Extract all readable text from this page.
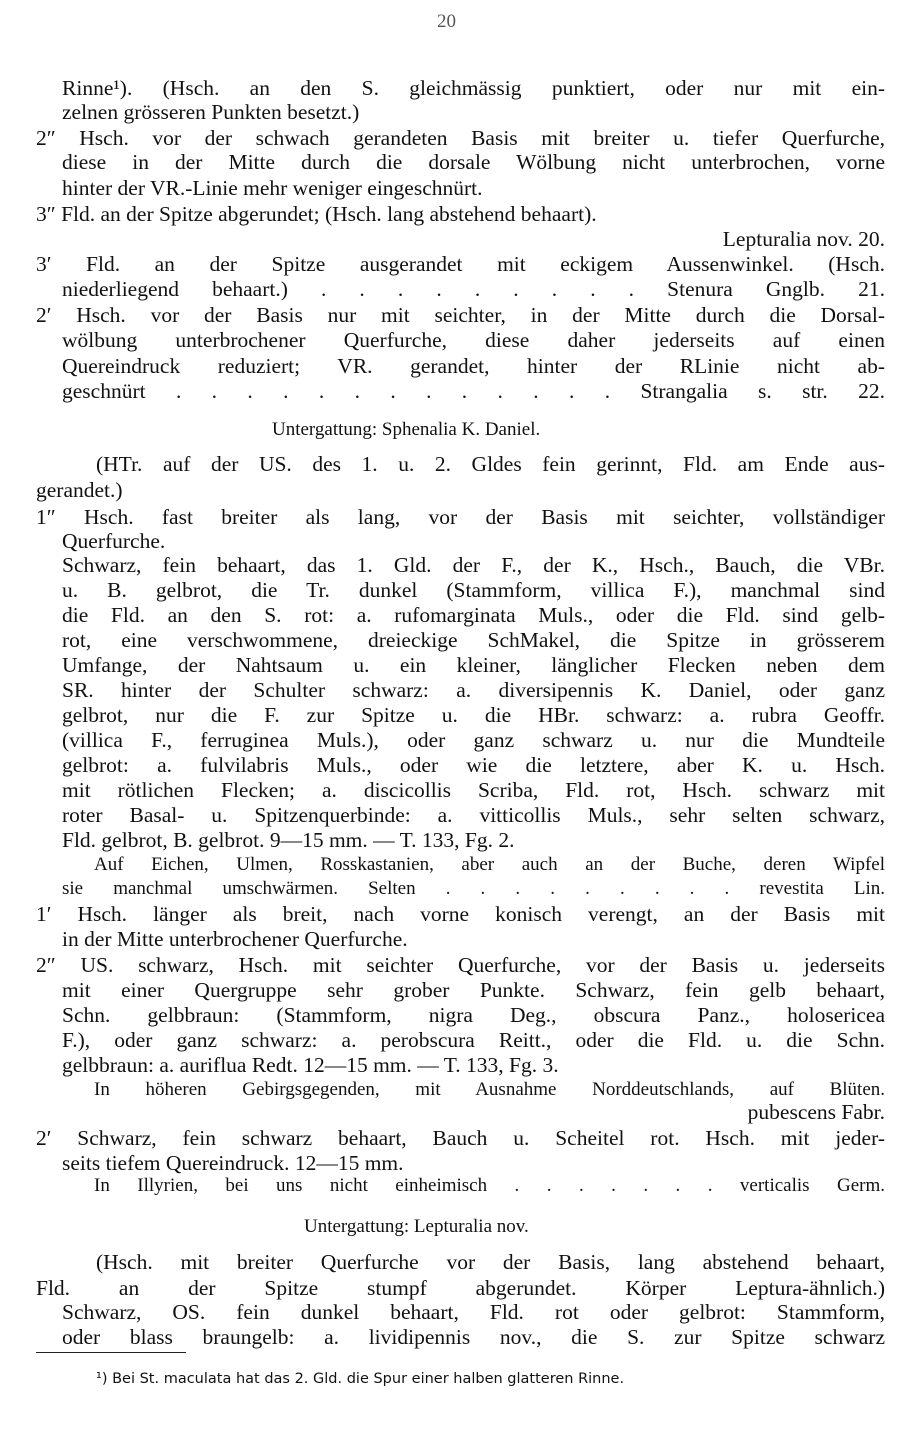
20
Rinne¹). (Hsch. an den S. gleichmässig punktiert, oder nur mit ein-
zelnen grösseren Punkten besetzt.)
2″ Hsch. vor der schwach gerandeten Basis mit breiter u. tiefer Querfurche,
diese in der Mitte durch die dorsale Wölbung nicht unterbrochen, vorne
hinter der VR.-Linie mehr weniger eingeschnürt.
3″ Fld. an der Spitze abgerundet; (Hsch. lang abstehend behaart).
Lepturalia nov. 20.
3′ Fld. an der Spitze ausgerandet mit eckigem Aussenwinkel. (Hsch.
niederliegend behaart.) . . . . . . . . . Stenura Gnglb. 21.
2′ Hsch. vor der Basis nur mit seichter, in der Mitte durch die Dorsal-
wölbung unterbrochener Querfurche, diese daher jederseits auf einen
Quereindruck reduziert; VR. gerandet, hinter der RLinie nicht ab-
geschnürt . . . . . . . . . . . . . Strangalia s. str. 22.
Untergattung: Sphenalia K. Daniel.
(HTr. auf der US. des 1. u. 2. Gldes fein gerinnt, Fld. am Ende aus-
gerandet.)
1″ Hsch. fast breiter als lang, vor der Basis mit seichter, vollständiger
Querfurche.
Schwarz, fein behaart, das 1. Gld. der F., der K., Hsch., Bauch, die VBr.
u. B. gelbrot, die Tr. dunkel (Stammform, villica F.), manchmal sind
die Fld. an den S. rot: a. rufomarginata Muls., oder die Fld. sind gelb-
rot, eine verschwommene, dreieckige SchMakel, die Spitze in grösserem
Umfange, der Nahtsaum u. ein kleiner, länglicher Flecken neben dem
SR. hinter der Schulter schwarz: a. diversipennis K. Daniel, oder ganz
gelbrot, nur die F. zur Spitze u. die HBr. schwarz: a. rubra Geoffr.
(villica F., ferruginea Muls.), oder ganz schwarz u. nur die Mundteile
gelbrot: a. fulvilabris Muls., oder wie die letztere, aber K. u. Hsch.
mit rötlichen Flecken; a. discicollis Scriba, Fld. rot, Hsch. schwarz mit
roter Basal- u. Spitzenquerbinde: a. vitticollis Muls., sehr selten schwarz,
Fld. gelbrot, B. gelbrot. 9—15 mm. — T. 133, Fg. 2.
Auf Eichen, Ulmen, Rosskastanien, aber auch an der Buche, deren Wipfel
sie manchmal umschwärmen. Selten . . . . . . . . . revestita Lin.
1′ Hsch. länger als breit, nach vorne konisch verengt, an der Basis mit
in der Mitte unterbrochener Querfurche.
2″ US. schwarz, Hsch. mit seichter Querfurche, vor der Basis u. jederseits
mit einer Quergruppe sehr grober Punkte. Schwarz, fein gelb behaart,
Schn. gelbbraun: (Stammform, nigra Deg., obscura Panz., holosericea
F.), oder ganz schwarz: a. perobscura Reitt., oder die Fld. u. die Schn.
gelbbraun: a. auriflua Redt. 12—15 mm. — T. 133, Fg. 3.
In höheren Gebirgsgegenden, mit Ausnahme Norddeutschlands, auf Blüten.
pubescens Fabr.
2′ Schwarz, fein schwarz behaart, Bauch u. Scheitel rot. Hsch. mit jeder-
seits tiefem Quereindruck. 12—15 mm.
In Illyrien, bei uns nicht einheimisch . . . . . . . verticalis Germ.
Untergattung: Lepturalia nov.
(Hsch. mit breiter Querfurche vor der Basis, lang abstehend behaart,
Fld. an der Spitze stumpf abgerundet. Körper Leptura-ähnlich.)
Schwarz, OS. fein dunkel behaart, Fld. rot oder gelbrot: Stammform,
oder blass braungelb: a. lividipennis nov., die S. zur Spitze schwarz
¹) Bei St. maculata hat das 2. Gld. die Spur einer halben glatteren Rinne.
